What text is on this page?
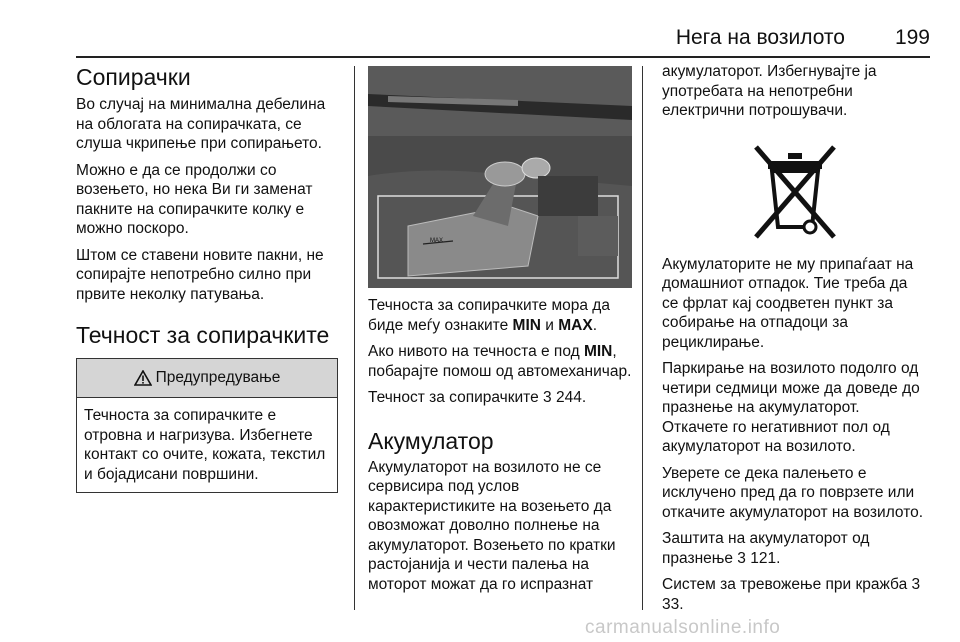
Нега на возилото 199
Сопирачки

Во случај на минимална дебелина на облогата на сопирачката, се слуша чкрипење при сопирањето.

Можно е да се продолжи со возењето, но нека Ви ги заменат пакните на сопирачките колку е можно поскоро.

Штом се ставени новите пакни, не сопирајте непотребно силно при првите неколку патувања.

Течност за сопирачките
Предупредување
Течноста за сопирачките е отровна и нагризува. Избегнете контакт со очите, кожата, текстил и бојадисани површини.
MAX

Течноста за сопирачките мора да биде меѓу ознаките MIN и MAX.

Ако нивото на течноста е под MIN, побарајте помош од автомеханичар.

Течност за сопирачките 3 244.

Акумулатор

Акумулаторот на возилото не се сервисира под услов карактеристиките на возењето да овозможат доволно полнење на акумулаторот. Возењето по кратки растојанија и чести палења на моторот можат да го испразнат

акумулаторот. Избегнувајте ја употребата на непотребни електрични потрошувачи.

Акумулаторите не му припаѓаат на домашниот отпадок. Тие треба да се фрлат кај соодветен пункт за собирање на отпадоци за рециклирање.

Паркирање на возилото подолго од четири седмици може да доведе до празнење на акумулаторот.

Откачете го негативниот пол од акумулаторот на возилото.

Уверете се дека палењето е исклучено пред да го поврзете или откачите акумулаторот на возилото.

Заштита на акумулаторот од празнење 3 121.

Систем за тревожење при кражба 3 33.

carmanualsonline.info
